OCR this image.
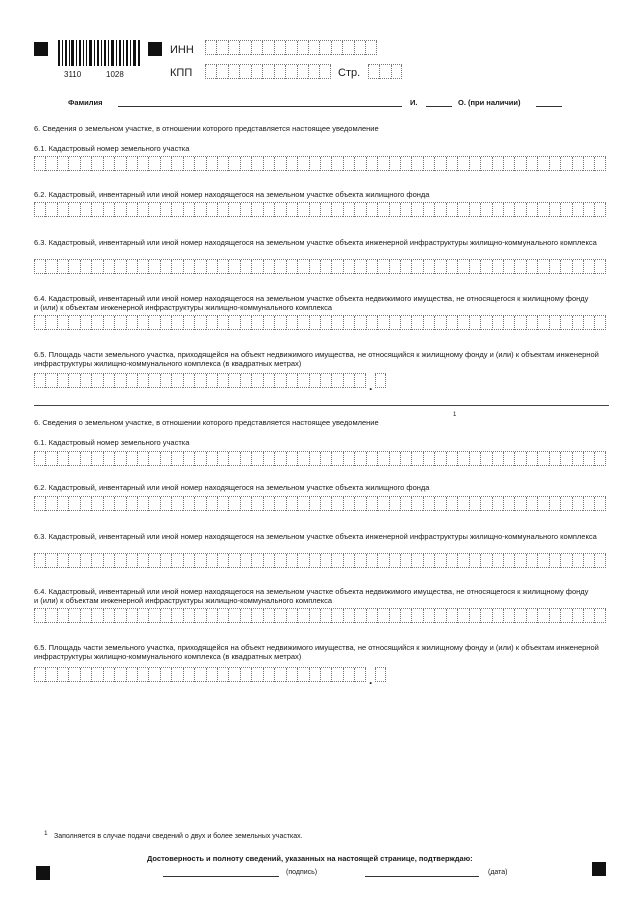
3110	1028
ИНН
КПП	Стр.
Фамилия	И.	О. (при наличии)
6. Сведения о земельном участке, в отношении которого представляется настоящее уведомление
6.1. Кадастровый номер земельного участка
6.2. Кадастровый, инвентарный или иной номер находящегося на земельном участке объекта жилищного фонда
6.3. Кадастровый, инвентарный или иной номер находящегося на земельном участке объекта инженерной инфраструктуры жилищно-коммунального комплекса
6.4. Кадастровый, инвентарный или иной номер находящегося на земельном участке объекта недвижимого имущества, не относящегося к жилищному фонду и (или) к объектам инженерной инфраструктуры жилищно-коммунального комплекса
6.5. Площадь части земельного участка, приходящейся на объект недвижимого имущества, не относящийся к жилищному фонду и (или) к объектам инженерной инфраструктуры жилищно-коммунального комплекса (в квадратных метрах)
.
6. Сведения о земельном участке, в отношении которого представляется настоящее уведомление
1
6.1. Кадастровый номер земельного участка
6.2. Кадастровый, инвентарный или иной номер находящегося на земельном участке объекта жилищного фонда
6.3. Кадастровый, инвентарный или иной номер находящегося на земельном участке объекта инженерной инфраструктуры жилищно-коммунального комплекса
6.4. Кадастровый, инвентарный или иной номер находящегося на земельном участке объекта недвижимого имущества, не относящегося к жилищному фонду и (или) к объектам инженерной инфраструктуры жилищно-коммунального комплекса
6.5. Площадь части земельного участка, приходящейся на объект недвижимого имущества, не относящийся к жилищному фонду и (или) к объектам инженерной инфраструктуры жилищно-коммунального комплекса (в квадратных метрах)
.
1 Заполняется в случае подачи сведений о двух и более земельных участках.
Достоверность и полноту сведений, указанных на настоящей странице, подтверждаю:
(подпись)	(дата)
